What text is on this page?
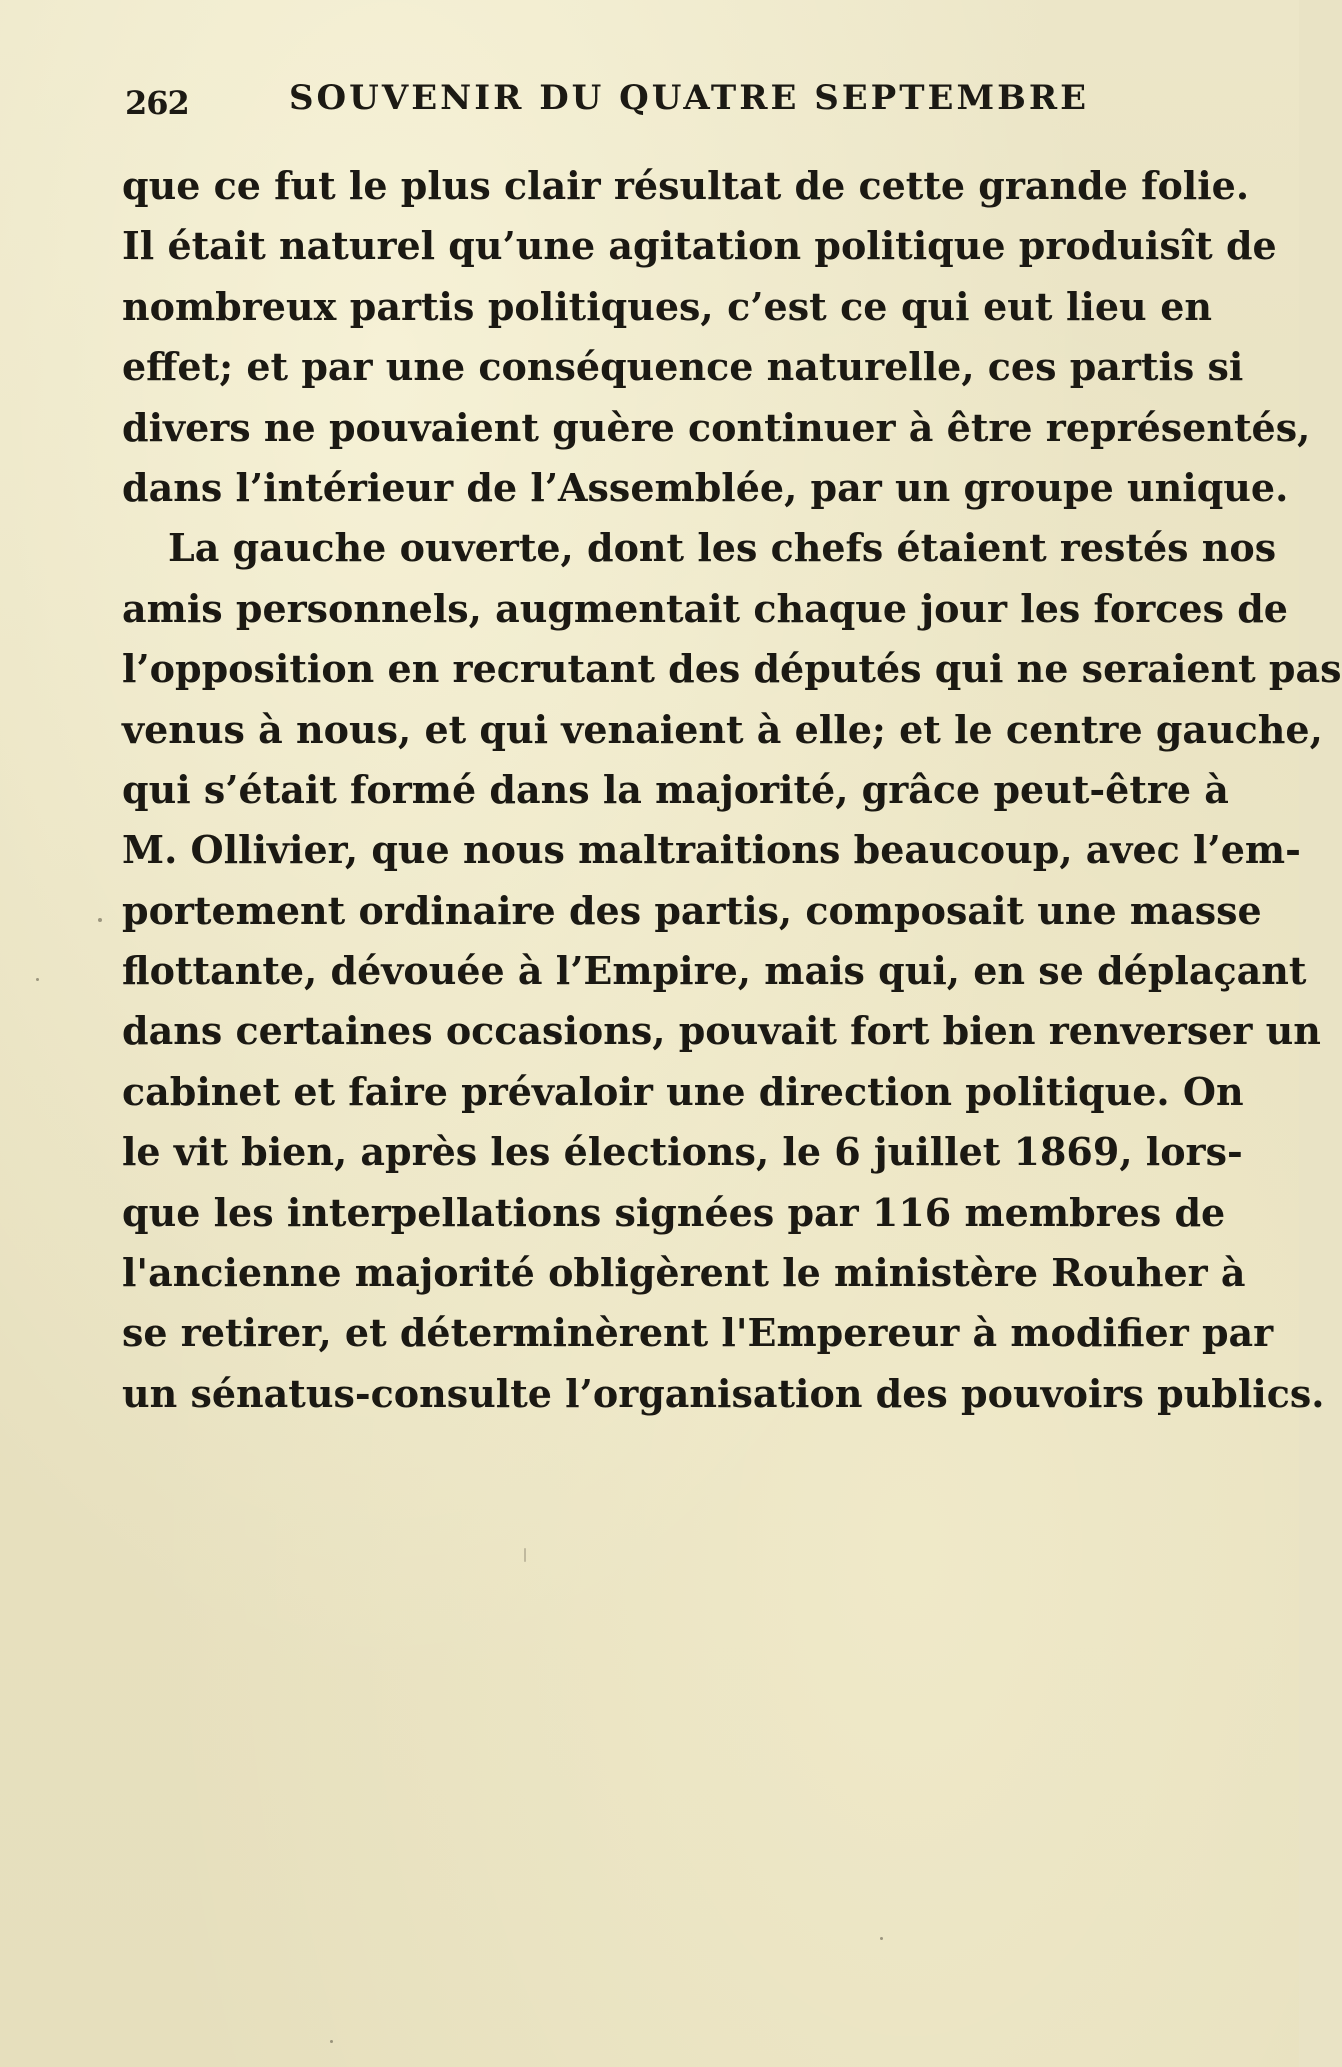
262	SOUVENIR DU QUATRE SEPTEMBRE
que ce fut le plus clair résultat de cette grande folie.
Il était naturel qu’une agitation politique produisît de
nombreux partis politiques, c’est ce qui eut lieu en
effet; et par une conséquence naturelle, ces partis si
divers ne pouvaient guère continuer à être représentés,
dans l’intérieur de l’Assemblée, par un groupe unique.
La gauche ouverte, dont les chefs étaient restés nos
amis personnels, augmentait chaque jour les forces de
l’opposition en recrutant des députés qui ne seraient pas
venus à nous, et qui venaient à elle; et le centre gauche,
qui s’était formé dans la majorité, grâce peut-être à
M. Ollivier, que nous maltraitions beaucoup, avec l’em-
portement ordinaire des partis, composait une masse
flottante, dévouée à l’Empire, mais qui, en se déplaçant
dans certaines occasions, pouvait fort bien renverser un
cabinet et faire prévaloir une direction politique. On
le vit bien, après les élections, le 6 juillet 1869, lors-
que les interpellations signées par 116 membres de
l'ancienne majorité obligèrent le ministère Rouher à
se retirer, et déterminèrent l'Empereur à modifier par
un sénatus-consulte l’organisation des pouvoirs publics.
